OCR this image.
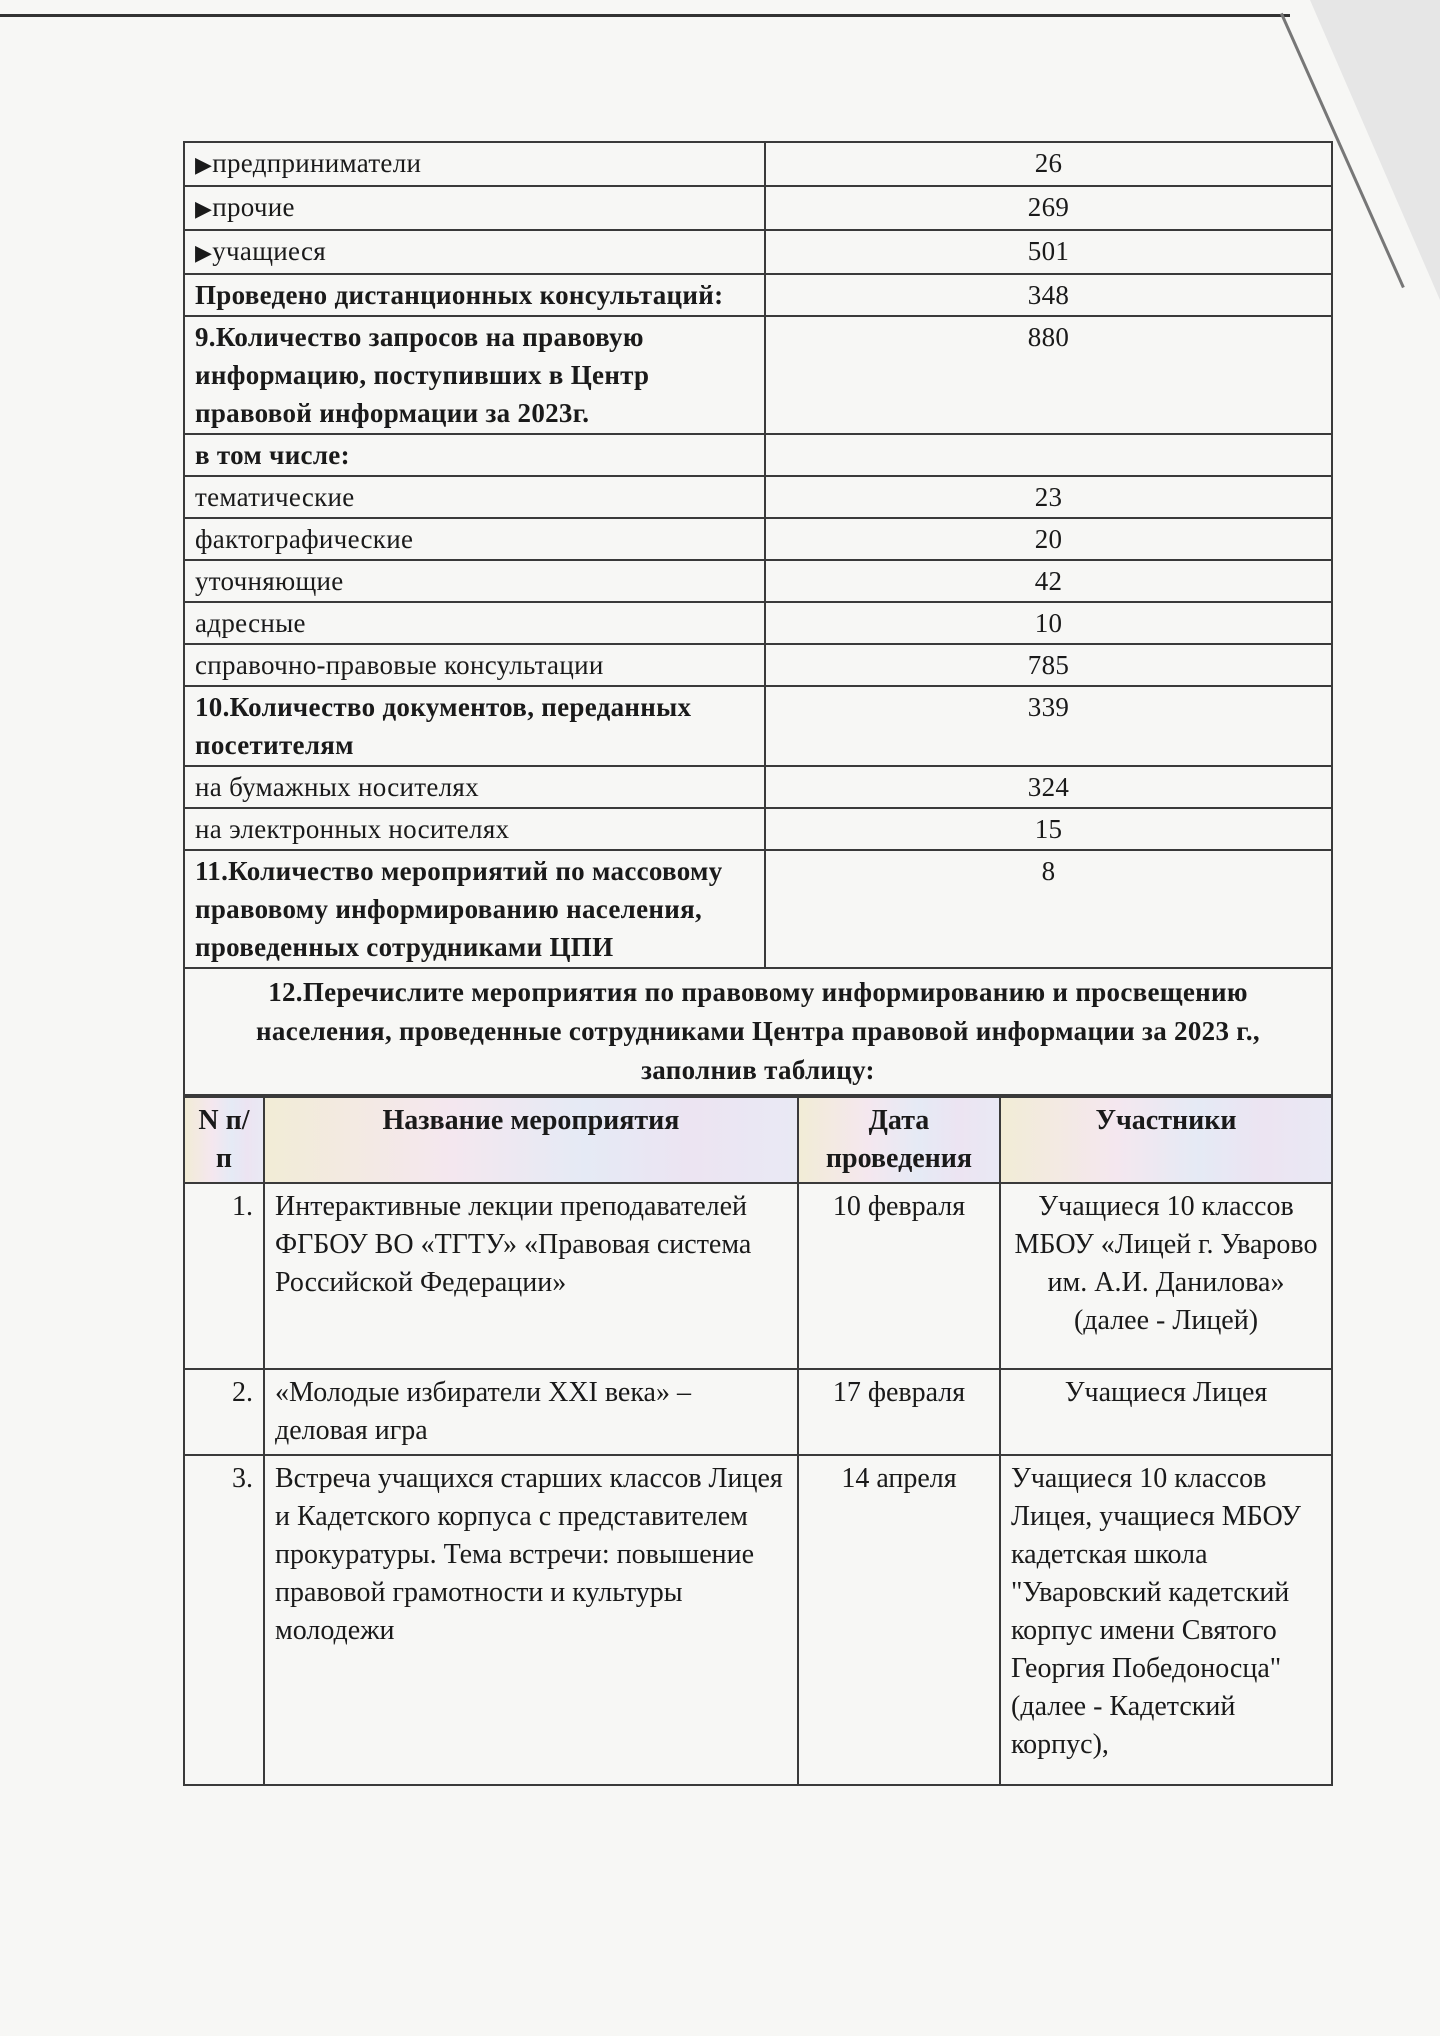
▶предприниматели	26
▶прочие	269
▶учащиеся	501
Проведено дистанционных консультаций:	348
9.Количество запросов на правовую информацию, поступивших в Центр правовой информации за 2023г.	880
в том числе:	
тематические	23
фактографические	20
уточняющие	42
адресные	10
справочно-правовые консультации	785
10.Количество документов, переданных посетителям	339
на бумажных носителях	324
на электронных носителях	15
11.Количество мероприятий по массовому правовому информированию населения, проведенных сотрудниками ЦПИ	8
12.Перечислите мероприятия по правовому информированию и просвещению населения, проведенные сотрудниками Центра правовой информации за 2023 г., заполнив таблицу:	
N п/п	Название мероприятия	Дата проведения	Участники
1.	Интерактивные лекции преподавателей ФГБОУ ВО «ТГТУ» «Правовая система Российской Федерации»	10 февраля	Учащиеся 10 классов МБОУ «Лицей г. Уварово им. А.И. Данилова» (далее - Лицей)
2.	«Молодые избиратели XXI века» – деловая игра	17 февраля	Учащиеся Лицея
3.	Встреча учащихся старших классов Лицея и Кадетского корпуса с представителем прокуратуры. Тема встречи: повышение правовой грамотности и культуры молодежи	14 апреля	Учащиеся 10 классов Лицея, учащиеся МБОУ кадетская школа "Уваровский кадетский корпус имени Святого Георгия Победоносца" (далее - Кадетский корпус),
